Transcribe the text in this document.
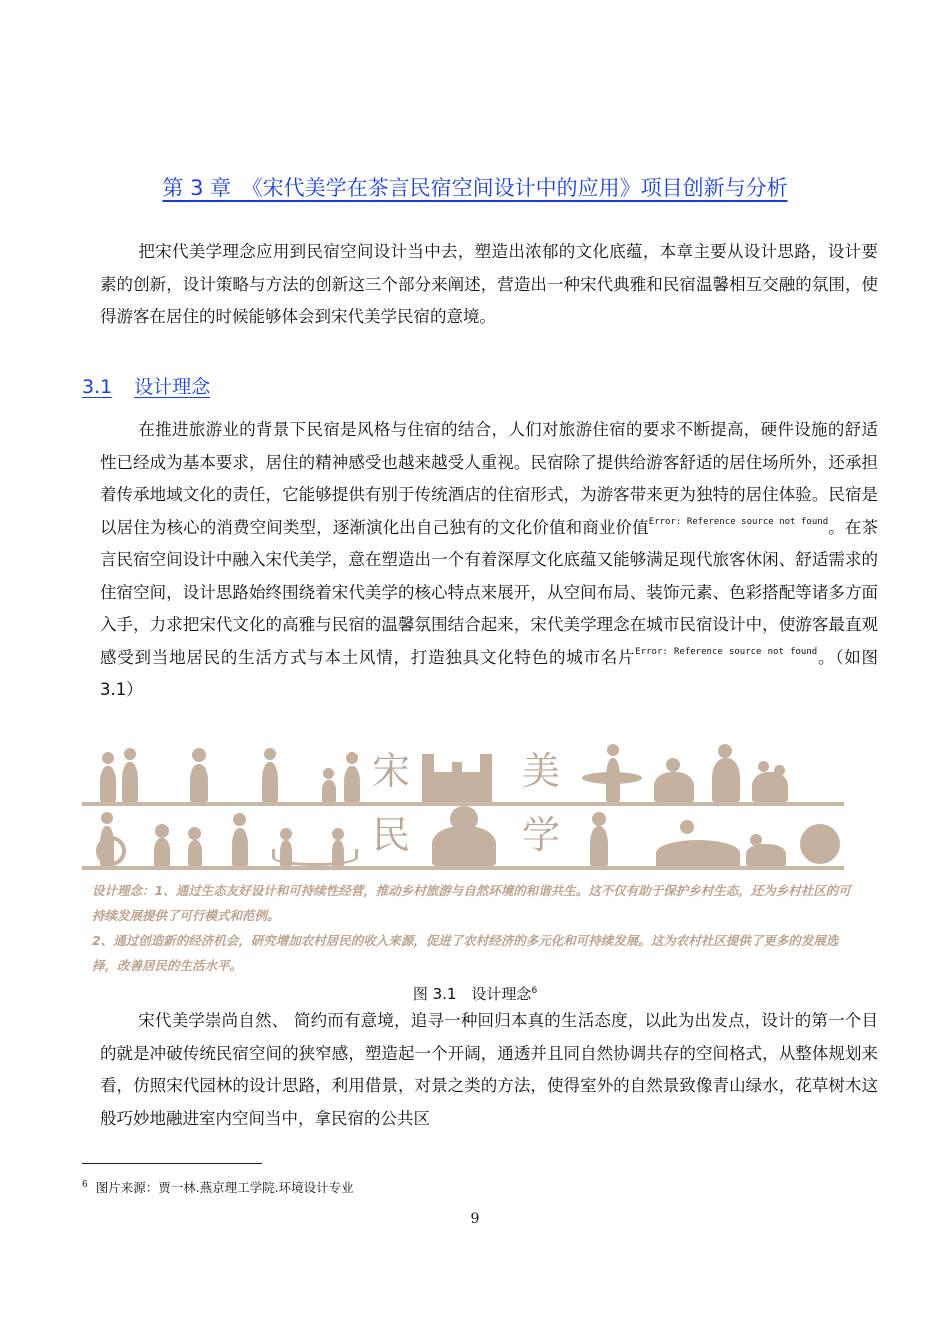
第 3 章　《宋代美学在茶言民宿空间设计中的应用》项目创新与分析

把宋代美学理念应用到民宿空间设计当中去，塑造出浓郁的文化底蕴，本章主要从设计思路，设计要素的创新，设计策略与方法的创新这三个部分来阐述，营造出一种宋代典雅和民宿温馨相互交融的氛围，使得游客在居住的时候能够体会到宋代美学民宿的意境。

3.1 设计理念

在推进旅游业的背景下民宿是风格与住宿的结合，人们对旅游住宿的要求不断提高，硬件设施的舒适性已经成为基本要求，居住的精神感受也越来越受人重视。民宿除了提供给游客舒适的居住场所外，还承担着传承地域文化的责任，它能够提供有别于传统酒店的住宿形式，为游客带来更为独特的居住体验。民宿是以居住为核心的消费空间类型，逐渐演化出自己独有的文化价值和商业价值$^{Error: Reference source not found}$。在茶言民宿空间设计中融入宋代美学，意在塑造出一个有着深厚文化底蕴又能够满足现代旅客休闲、舒适需求的住宿空间，设计思路始终围绕着宋代美学的核心特点来展开，从空间布局、装饰元素、色彩搭配等诸多方面入手，力求把宋代文化的高雅与民宿的温馨氛围结合起来，宋代美学理念在城市民宿设计中，使游客最直观感受到当地居民的生活方式与本土风情，打造独具文化特色的城市名片$^{Error: Reference source not found}$。（如图3.1）

宋	美
民	学

设计理念：1、通过生态友好设计和可持续性经营，推动乡村旅游与自然环境的和谐共生。这不仅有助于保护乡村生态，还为乡村社区的可持续发展提供了可行模式和范例。

2、通过创造新的经济机会，研究增加农村居民的收入来源，促进了农村经济的多元化和可持续发展。这为农村社区提供了更多的发展选择，改善居民的生活水平。

图 3.1　设计理念$^6$

宋代美学崇尚自然、 简约而有意境，追寻一种回归本真的生活态度，以此为出发点，设计的第一个目的就是冲破传统民宿空间的狭窄感，塑造起一个开阔，通透并且同自然协调共存的空间格式，从整体规划来看，仿照宋代园林的设计思路，利用借景，对景之类的方法，使得室外的自然景致像青山绿水，花草树木这般巧妙地融进室内空间当中，拿民宿的公共区

$^6$ 图片来源：贾一林.燕京理工学院.环境设计专业
9
